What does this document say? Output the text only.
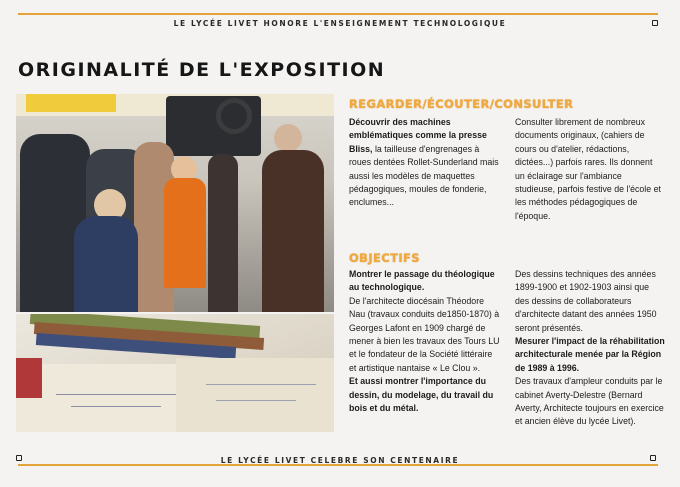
LE LYCÉE LIVET HONORE L'ENSEIGNEMENT TECHNOLOGIQUE
ORIGINALITÉ DE L'EXPOSITION
REGARDER/ÉCOUTER/CONSULTER

Découvrir des machines emblématiques comme la presse Bliss, la tailleuse d'engrenages à roues dentées Rollet-Sunderland mais aussi les modèles de maquettes pédagogiques, moules de fonderie, enclumes...

Consulter librement de nombreux documents originaux, (cahiers de cours ou d'atelier, rédactions, dictées...) parfois rares. Ils donnent un éclairage sur l'ambiance studieuse, parfois festive de l'école et les méthodes pédagogiques de l'époque.

OBJECTIFS

Montrer le passage du théologique au technologique.

De l'architecte diocésain Théodore Nau (travaux conduits de1850-1870) à Georges Lafont en 1909 chargé de mener à bien les travaux des Tours LU et le fondateur de la Société littéraire et artistique nantaise « Le Clou ».

Et aussi montrer l'importance du dessin, du modelage, du travail du bois et du métal.

Des dessins techniques des années 1899-1900 et 1902-1903 ainsi que des dessins de collaborateurs d'architecte datant des années 1950 seront présentés.

Mesurer l'impact de la réhabilitation architecturale menée par la Région de 1989 à 1996.

Des travaux d'ampleur conduits par le cabinet Averty-Delestre (Bernard Averty, Architecte toujours en exercice et ancien élève du lycée Livet).

LE LYCÉE LIVET CELEBRE SON CENTENAIRE
